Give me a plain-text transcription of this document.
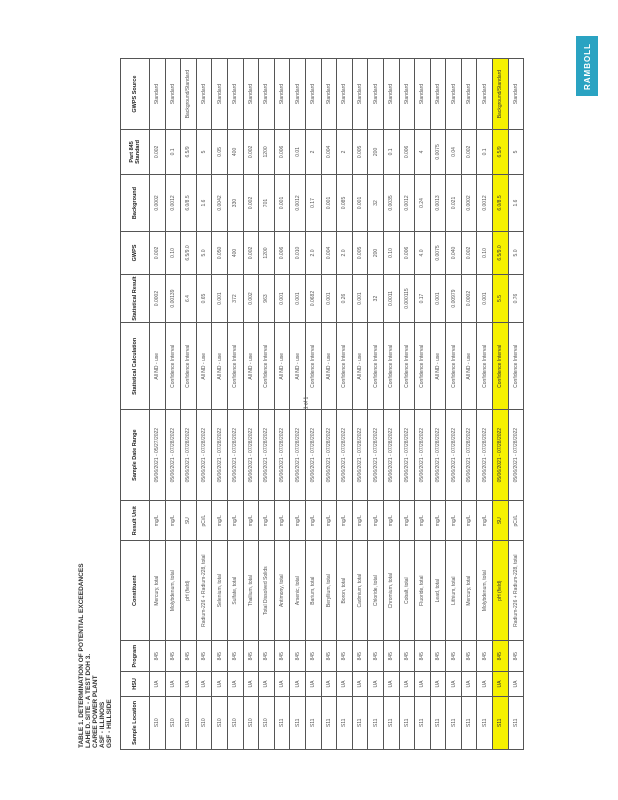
RAMBOLL
1 of 1
TABLE 1. DETERMINATION OF POTENTIAL EXCEEDANCES LAHE D. SITE - A TEST DOH 3. CAREE POWER PLANT ASF - ILLINOIS GSF - HILLSIDE	Sample Location	HSU	Program	Constituent	Result Unit	Sample Date Range	Statistical Calculation	Statistical Result	GWPS	Background	Part 845 Standard	GWPS Source
S10	UA	845	Mercury, total	mg/L	05/06/2021 - 05/27/2022	All ND - use	0.0002	0.002	0.0002	0.002	Standard
S10	UA	845	Molybdenum, total	mg/L	05/06/2021 - 07/28/2022	Confidence Interval	0.00139	0.10	0.0012	0.1	Standard
S10	UA	845	pH (field)	SU	05/06/2021 - 07/28/2022	Confidence Interval	6.4	6.5/9.0	6.0/8.5	6.5/9	Background/Standard
S10	UA	845	Radium-226 + Radium-228, total	pCi/L	05/06/2021 - 07/28/2022	All ND - use	0.65	5.0	1.6	5	Standard
S10	UA	845	Selenium, total	mg/L	05/06/2021 - 07/28/2022	All ND - use	0.001	0.050	0.0042	0.05	Standard
S10	UA	845	Sulfate, total	mg/L	05/06/2021 - 07/28/2022	Confidence Interval	372	400	330	400	Standard
S10	UA	845	Thallium, total	mg/L	05/06/2021 - 07/28/2022	All ND - use	0.002	0.002	0.002	0.002	Standard
S10	UA	845	Total Dissolved Solids	mg/L	05/06/2021 - 07/28/2022	Confidence Interval	963	1200	701	1200	Standard
S11	UA	845	Antimony, total	mg/L	05/06/2021 - 07/28/2022	All ND - use	0.001	0.006	0.001	0.006	Standard
S11	UA	845	Arsenic, total	mg/L	05/06/2021 - 07/28/2022	All ND - use	0.001	0.010	0.0012	0.01	Standard
S11	UA	845	Barium, total	mg/L	05/06/2021 - 07/28/2022	Confidence Interval	0.0682	2.0	0.17	2	Standard
S11	UA	845	Beryllium, total	mg/L	05/06/2021 - 07/28/2022	All ND - use	0.001	0.004	0.001	0.004	Standard
S11	UA	845	Boron, total	mg/L	05/06/2021 - 07/28/2022	Confidence Interval	0.26	2.0	0.085	2	Standard
S11	UA	845	Cadmium, total	mg/L	05/06/2021 - 07/28/2022	All ND - use	0.001	0.005	0.001	0.005	Standard
S11	UA	845	Chloride, total	mg/L	05/06/2021 - 07/28/2022	Confidence Interval	32	200	32	200	Standard
S11	UA	845	Chromium, total	mg/L	05/06/2021 - 07/28/2022	Confidence Interval	0.0011	0.10	0.0035	0.1	Standard
S11	UA	845	Cobalt, total	mg/L	05/06/2021 - 07/28/2022	Confidence Interval	0.000115	0.006	0.0012	0.006	Standard
S11	UA	845	Fluoride, total	mg/L	05/06/2021 - 07/28/2022	Confidence Interval	0.17	4.0	0.24	4	Standard
S11	UA	845	Lead, total	mg/L	05/06/2021 - 07/28/2022	All ND - use	0.001	0.0075	0.0013	0.0075	Standard
S11	UA	845	Lithium, total	mg/L	05/06/2021 - 07/28/2022	Confidence Interval	0.00979	0.040	0.021	0.04	Standard
S11	UA	845	Mercury, total	mg/L	05/06/2021 - 07/28/2022	All ND - use	0.0002	0.002	0.0002	0.002	Standard
S11	UA	845	Molybdenum, total	mg/L	05/06/2021 - 07/28/2022	Confidence Interval	0.001	0.10	0.0012	0.1	Standard
S11	UA	845	pH (field)	SU	05/06/2021 - 07/28/2022	Confidence Interval	5.5	6.5/9.0	6.0/8.5	6.5/9	Background/Standard
S11	UA	845	Radium-226 + Radium-228, total	pCi/L	05/06/2021 - 07/28/2022	Confidence Interval	0.76	5.0	1.6	5	Standard
